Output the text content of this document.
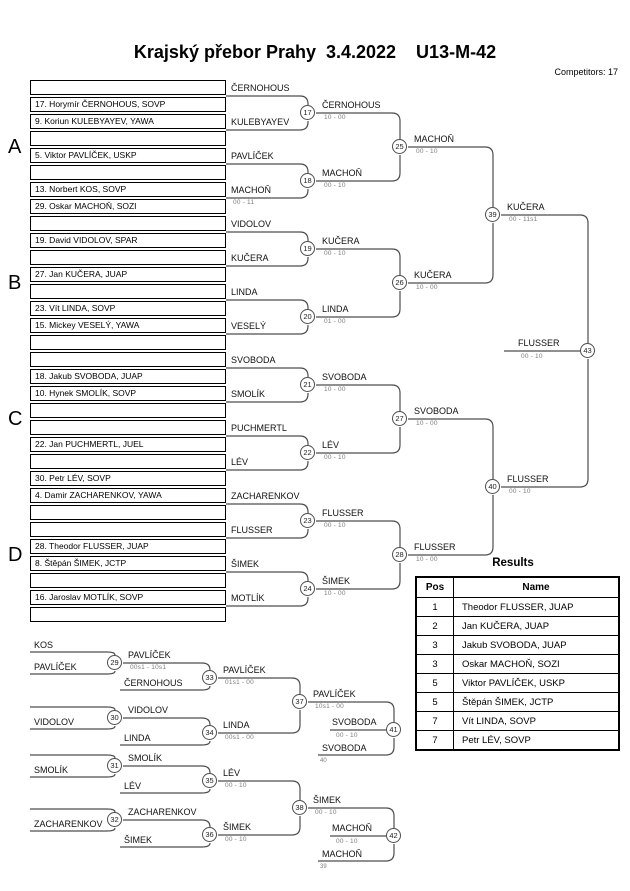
Krajský přebor Prahy  3.4.2022    U13-M-42
Competitors: 17
A
B
C
D
17. Horymír ČERNOHOUS, SOVP
9. Koriun KULEBYAYEV, YAWA
5. Viktor PAVLÍČEK, USKP
13. Norbert KOS, SOVP
29. Oskar MACHOŇ, SOZI
19. David VIDOLOV, SPAR
27. Jan KUČERA, JUAP
23. Vít LINDA, SOVP
15. Mickey VESELÝ, YAWA
18. Jakub SVOBODA, JUAP
10. Hynek SMOLÍK, SOVP
22. Jan PUCHMERTL, JUEL
30. Petr LÉV, SOVP
4. Damir ZACHARENKOV, YAWA
28. Theodor FLUSSER, JUAP
8. Štěpán ŠIMEK, JCTP
16. Jaroslav MOTLÍK, SOVP
ČERNOHOUS
KULEBYAYEV
PAVLÍČEK
MACHOŇ
00 - 11
VIDOLOV
KUČERA
LINDA
VESELÝ
SVOBODA
SMOLÍK
PUCHMERTL
LÉV
ZACHARENKOV
FLUSSER
ŠIMEK
MOTLÍK
17
ČERNOHOUS
10 - 00
18
MACHOŇ
00 - 10
19
KUČERA
00 - 10
20
LINDA
01 - 00
21
SVOBODA
10 - 00
22
LÉV
00 - 10
23
FLUSSER
00 - 10
24
ŠIMEK
10 - 00
25
MACHOŇ
00 - 10
26
KUČERA
10 - 00
27
SVOBODA
10 - 00
28
FLUSSER
10 - 00
39
KUČERA
00 - 11s1
40
FLUSSER
00 - 10
43
FLUSSER
00 - 10
29
KOS
PAVLÍČEK
PAVLÍČEK
00s1 - 10s1
30
VIDOLOV
VIDOLOV
31
SMOLÍK
SMOLÍK
32
ZACHARENKOV
ZACHARENKOV
33
ČERNOHOUS
PAVLÍČEK
01s1 - 00
34
LINDA
LINDA
00s1 - 00
35
LÉV
LÉV
00 - 10
36
ŠIMEK
ŠIMEK
00 - 10
37
PAVLÍČEK
10s1 - 00
38
ŠIMEK
00 - 10
41
SVOBODA
40
SVOBODA
00 - 10
42
MACHOŇ
39
MACHOŇ
00 - 10
Results
Pos	Name
1	Theodor FLUSSER, JUAP
2	Jan KUČERA, JUAP
3	Jakub SVOBODA, JUAP
3	Oskar MACHOŇ, SOZI
5	Viktor PAVLÍČEK, USKP
5	Štěpán ŠIMEK, JCTP
7	Vít LINDA, SOVP
7	Petr LÉV, SOVP
